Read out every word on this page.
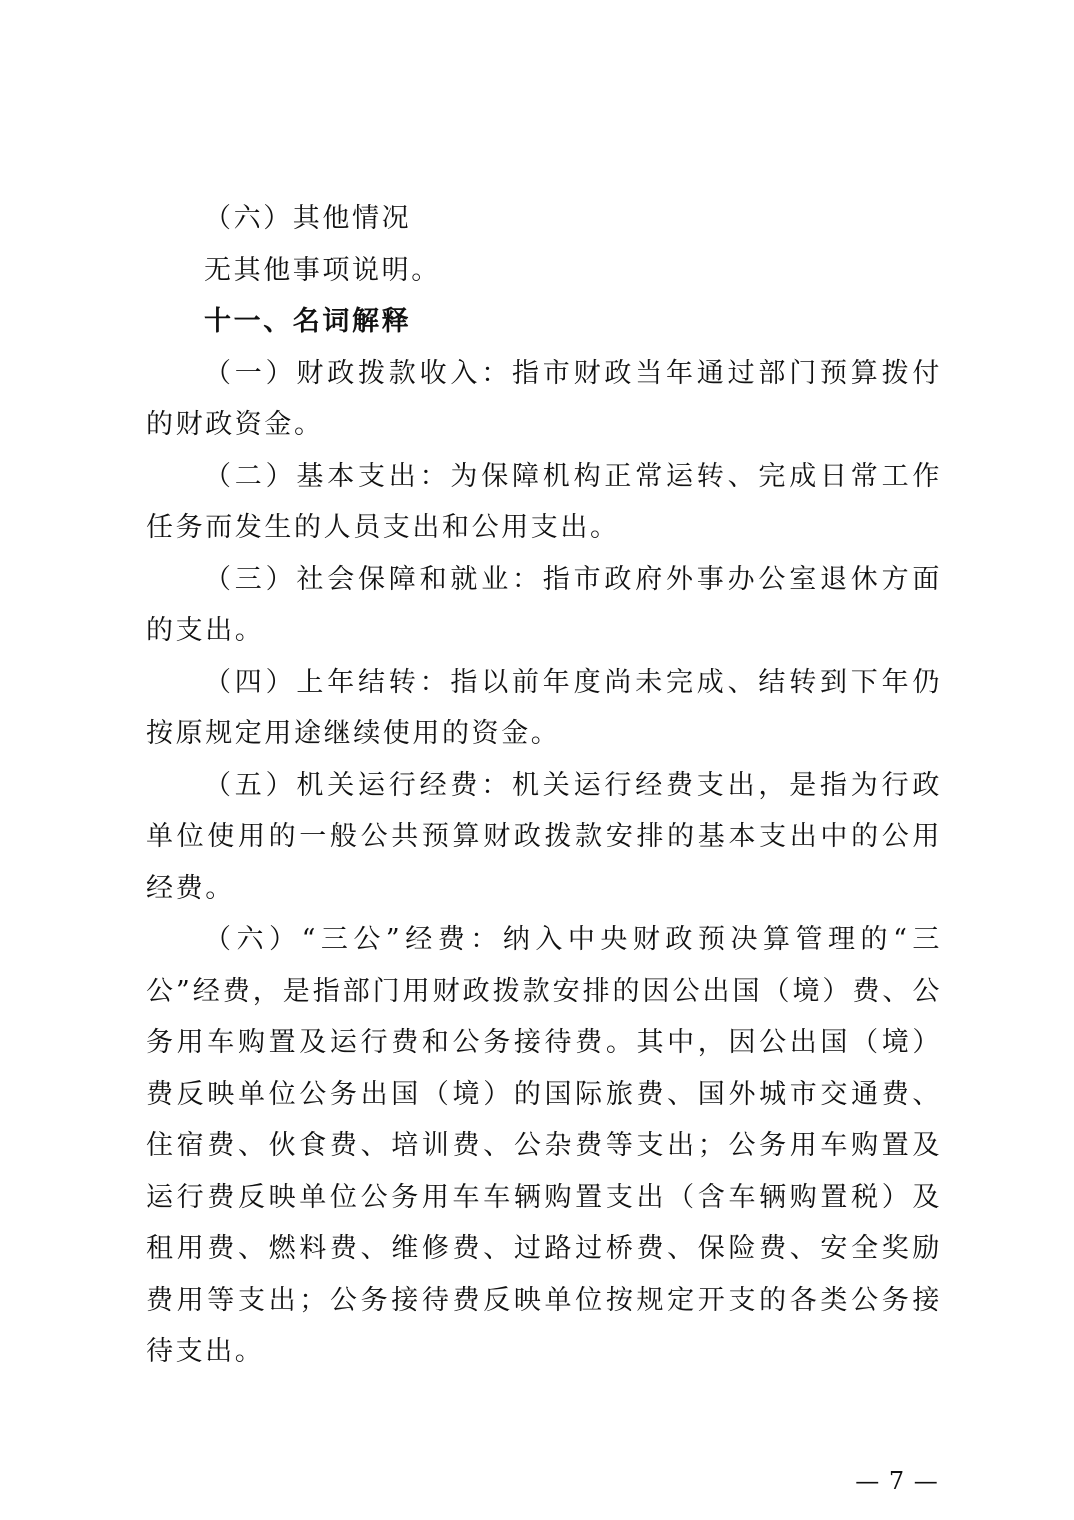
（六）其他情况

无其他事项说明。

十一、名词解释

（一）财政拨款收入：指市财政当年通过部门预算拨付的财政资金。

（二）基本支出：为保障机构正常运转、完成日常工作任务而发生的人员支出和公用支出。

（三）社会保障和就业：指市政府外事办公室退休方面的支出。

（四）上年结转：指以前年度尚未完成、结转到下年仍按原规定用途继续使用的资金。

（五）机关运行经费：机关运行经费支出，是指为行政单位使用的一般公共预算财政拨款安排的基本支出中的公用经费。

（六）“三公”经费：纳入中央财政预决算管理的“三公”经费，是指部门用财政拨款安排的因公出国（境）费、公务用车购置及运行费和公务接待费。其中，因公出国（境）费反映单位公务出国（境）的国际旅费、国外城市交通费、住宿费、伙食费、培训费、公杂费等支出；公务用车购置及运行费反映单位公务用车车辆购置支出（含车辆购置税）及租用费、燃料费、维修费、过路过桥费、保险费、安全奖励费用等支出；公务接待费反映单位按规定开支的各类公务接待支出。

— 7 —
